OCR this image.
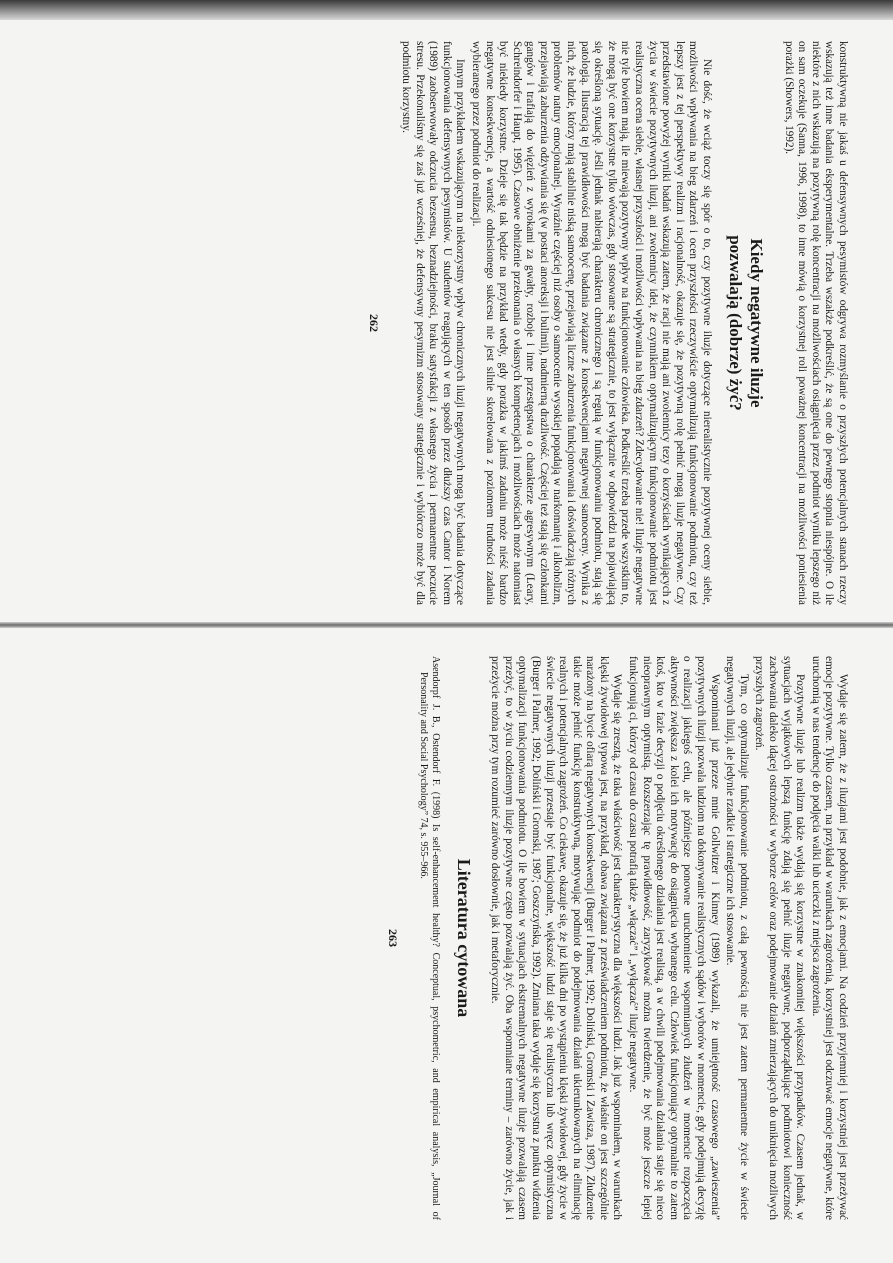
konstruktywną nie jakaś u defensywnych pesymistów odgrywa rozmyślanie o przyszłych potencjalnych stanach rzeczy wskazują też inne badania eksperymentalne. Trzeba wszakże podkreślić, że są one do pewnego stopnia niespójne. O ile niektóre z nich wskazują na pozytywną rolę koncentracji na możliwościach osiągnięcia przez podmiot wyniku lepszego niż on sam oczekuje (Sanna, 1996, 1998), to inne mówią o korzystnej roli poważnej koncentracji na możliwości poniesienia porażki (Showers, 1992).

Kiedy negatywne iluzje
pozwalają (dobrze) żyć?

Nie dość, że wciąż toczy się spór o to, czy pozytywne iluzje dotyczące nierealistycznie pozytywnej oceny siebie, możliwości wpływania na bieg zdarzeń i ocen przyszłości rzeczywiście optymalizują funkcjonowanie podmiotu, czy też lepszy jest z tej perspektywy realizm i racjonalność, okazuje się, że pozytywną rolę pełnić mogą iluzje negatywne. Czy przedstawione powyżej wyniki badań wskazują zatem, że racji nie mają ani zwolennicy tezy o korzyściach wynikających z życia w świecie pozytywnych iluzji, ani zwolennicy idei, że czynnikiem optymalizującym funkcjonowanie podmiotu jest realistyczna ocena siebie, własnej przyszłości i możliwości wpływania na bieg zdarzeń? Zdecydowanie nie! Iluzje negatywne nie tyle bowiem mają, ile miewają pozytywny wpływ na funkcjonowanie człowieka. Podkreślić trzeba przede wszystkim to, że mogą być one korzystne tylko wówczas, gdy stosowane są strategicznie, to jest wyłącznie w odpowiedzi na pojawiającą się określoną sytuację. Jeśli jednak nabierają charakteru chronicznego i są regułą w funkcjonowaniu podmiotu, stają się patologią. Ilustracją tej prawidłowości mogą być badania związane z konsekwencjami negatywnej samooceny. Wynika z nich, że ludzie, którzy mają stabilnie niską samoocenę, przejawiają liczne zaburzenia funkcjonowania i doświadczają różnych problemów natury emocjonalnej. Wyraźnie częściej niż osoby o samoocenie wysokiej popadają w narkomanię i alkoholizm, przejawiają zaburzenia odżywiania się (w postaci anoreksji i bulimii), nadmierną drażliwość. Częściej też stają się członkami gangów i trafiają do więzień z wyrokami za gwałty, rozboje i inne przestępstwa o charakterze agresywnym (Leary, Schreindorfer i Haupt, 1995). Czasowe obniżenie przekonania o własnych kompetencjach i możliwościach może natomiast być niekiedy korzystne. Dzieje się tak będzie na przykład wtedy, gdy porażka w jakimś zadaniu może nieść bardzo negatywne konsekwencje, a wartość odniesionego sukcesu nie jest silnie skorelowana z poziomem trudności zadania wybieranego przez podmiot do realizacji.

Innym przykładem wskazującym na niekorzystny wpływ chronicznych iluzji negatywnych mogą być badania dotyczące funkcjonowania defensywnych pesymistów. U studentów reagujących w ten sposób przez dłuższy czas Cantor i Norem (1989) zaobserwowały odczucia bezsensu, beznadziejności, braku satysfakcji z własnego życia i permanentne poczucie stresu. Przekonaliśmy się zaś już wcześniej, że defensywny pesymizm stosowany strategicznie i wybiórczo może być dla podmiotu korzystny.

262

Wydaje się zatem, że z iluzjami jest podobnie, jak z emocjami. Na codzień przyjemniej i korzystniej jest przeżywać emocje pozytywne. Tylko czasem, na przykład w warunkach zagrożenia, korzystniej jest odczuwać emocje negatywne, które uruchomią w nas tendencje do podjęcia walki lub ucieczki z miejsca zagrożenia.

Pozytywne iluzje lub realizm także wydają się korzystne w znakomitej większości przypadków. Czasem jednak, w sytuacjach wyjątkowych lepszą funkcję zdają się pełnić iluzje negatywne, podporządkujące podmiotowi konieczność zachowania daleko idącej ostrożności w wyborze celów oraz podejmowanie działań zmierzających do uniknięcia możliwych przyszłych zagrożeń.

Tym, co optymalizuje funkcjonowanie podmiotu, z całą pewnością nie jest zatem permanentne życie w świecie negatywnych iluzji, ale jedynie rzadkie i strategiczne ich stosowanie.

Wspominani już przeze mnie Gollwitzer i Kinney (1989) wykazali, że umiejętność czasowego „zawieszenia” pozytywnych iluzji pozwala ludziom na dokonywanie realistycznych sądów i wyborów w momencie, gdy podejmują decyzję o realizacji jakiegoś celu, ale późniejsze ponowne uruchomienie wspomnianych złudzeń w momencie rozpoczęcia aktywności zwiększa z kolei ich motywację do osiągnięcia wybranego celu. Człowiek funkcjonujący optymalnie to zatem ktoś, kto w fazie decyzji o podjęciu określonego działania jest realistą, a w chwili podejmowania działania staje się nieco nieoprawnym optymistą. Rozszerzając tę prawidłowość, zaryzykować można twierdzenie, że być może jeszcze lepiej funkcjonują ci, którzy od czasu do czasu potrafią także „włączać” i „wyłączać” iluzje negatywne.

Wydaje się zresztą, że taka właściwość jest charakterystyczna dla większości ludzi. Jak już wspominałem, w warunkach klęski żywiołowej typowa jest, na przykład, obawa związana z przeświadczeniem podmiotu, że właśnie on jest szczególnie narażony na bycie ofiarą negatywnych konsekwencji (Burger i Palmer, 1992; Doliński, Gromski i Zawisza, 1987). Złudzenie takie może pełnić funkcję konstruktywną, motywując podmiot do podejmowania działań ukierunkowanych na eliminację realnych i potencjalnych zagrożeń. Co ciekawe, okazuje się, że już kilka dni po wystąpieniu klęski żywiołowej, gdy życie w świecie negatywnych iluzji przestaje być funkcjonalne, większość ludzi staje się realistyczna lub wręcz optymistyczna (Burger i Palmer, 1992; Doliński i Gromski, 1987; Goszczyńska, 1992). Zmiana taka wydaje się korzystna z punktu widzenia optymalizacji funkcjonowania podmiotu. O ile bowiem w sytuacjach ekstremalnych negatywne iluzje pozwalają czasem przeżyć, to w życiu codziennym iluzje pozytywne często pozwalają żyć. Oba wspomniane terminy – zarówno życie, jak i przeżycie można przy tym rozumieć zarówno dosłownie, jak i metaforycznie.

Literatura cytowana

Asendorpf J. B., Ostendorf F. (1998) Is self-enhancement healthy? Conceptual, psychometric, and empirical analysis, „Journal of Personality and Social Psychology” 74, s. 955–966.

263
